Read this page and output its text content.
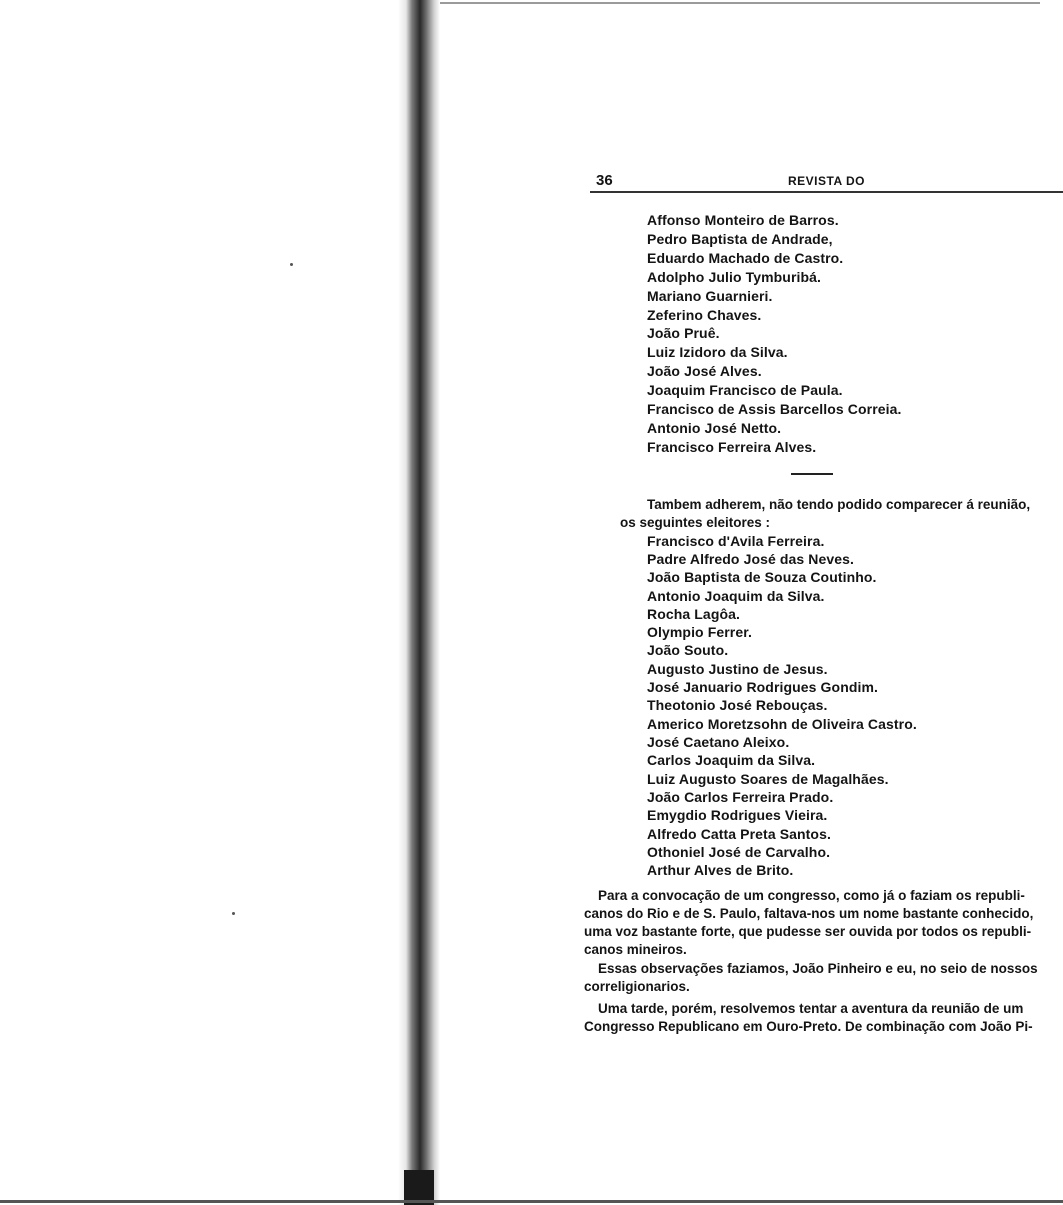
36	REVISTA DO
Affonso Monteiro de Barros.
Pedro Baptista de Andrade,
Eduardo Machado de Castro.
Adolpho Julio Tymburibá.
Mariano Guarnieri.
Zeferino Chaves.
João Pruê.
Luiz Izidoro da Silva.
João José Alves.
Joaquim Francisco de Paula.
Francisco de Assis Barcellos Correia.
Antonio José Netto.
Francisco Ferreira Alves.
Tambem adherem, não tendo podido comparecer á reunião,
os seguintes eleitores :
Francisco d'Avila Ferreira.
Padre Alfredo José das Neves.
João Baptista de Souza Coutinho.
Antonio Joaquim da Silva.
Rocha Lagôa.
Olympio Ferrer.
João Souto.
Augusto Justino de Jesus.
José Januario Rodrigues Gondim.
Theotonio José Rebouças.
Americo Moretzsohn de Oliveira Castro.
José Caetano Aleixo.
Carlos Joaquim da Silva.
Luiz Augusto Soares de Magalhães.
João Carlos Ferreira Prado.
Emygdio Rodrigues Vieira.
Alfredo Catta Preta Santos.
Othoniel José de Carvalho.
Arthur Alves de Brito.
Para a convocação de um congresso, como já o faziam os republi-
canos do Rio e de S. Paulo, faltava-nos um nome bastante conhecido,
uma voz bastante forte, que pudesse ser ouvida por todos os republi-
canos mineiros.
Essas observações faziamos, João Pinheiro e eu, no seio de nossos
correligionarios.
Uma tarde, porém, resolvemos tentar a aventura da reunião de um
Congresso Republicano em Ouro-Preto. De combinação com João Pi-
